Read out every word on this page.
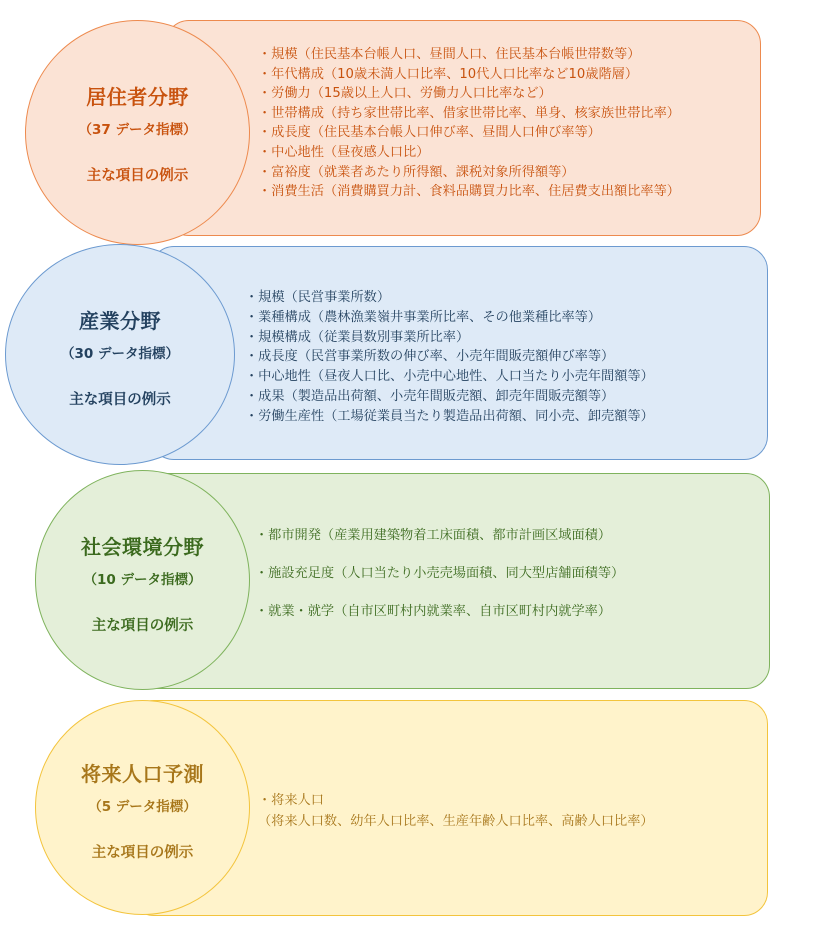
居住者分野
（37 データ指標）
主な項目の例示
・規模（住民基本台帳人口、昼間人口、住民基本台帳世帯数等）
・年代構成（10歳未満人口比率、10代人口比率など10歳階層）
・労働力（15歳以上人口、労働力人口比率など）
・世帯構成（持ち家世帯比率、借家世帯比率、単身、核家族世帯比率）
・成長度（住民基本台帳人口伸び率、昼間人口伸び率等）
・中心地性（昼夜感人口比）
・富裕度（就業者あたり所得額、課税対象所得額等）
・消費生活（消費購買力計、食料品購買力比率、住居費支出額比率等）
産業分野
（30 データ指標）
主な項目の例示
・規模（民営事業所数）
・業種構成（農林漁業嶺井事業所比率、その他業種比率等）
・規模構成（従業員数別事業所比率）
・成長度（民営事業所数の伸び率、小売年間販売額伸び率等）
・中心地性（昼夜人口比、小売中心地性、人口当たり小売年間額等）
・成果（製造品出荷額、小売年間販売額、卸売年間販売額等）
・労働生産性（工場従業員当たり製造品出荷額、同小売、卸売額等）
社会環境分野
（10 データ指標）
主な項目の例示
・都市開発（産業用建築物着工床面積、都市計画区域面積）
・施設充足度（人口当たり小売売場面積、同大型店舗面積等）
・就業・就学（自市区町村内就業率、自市区町村内就学率）
将来人口予測
（5 データ指標）
主な項目の例示
・将来人口
（将来人口数、幼年人口比率、生産年齢人口比率、高齢人口比率）
